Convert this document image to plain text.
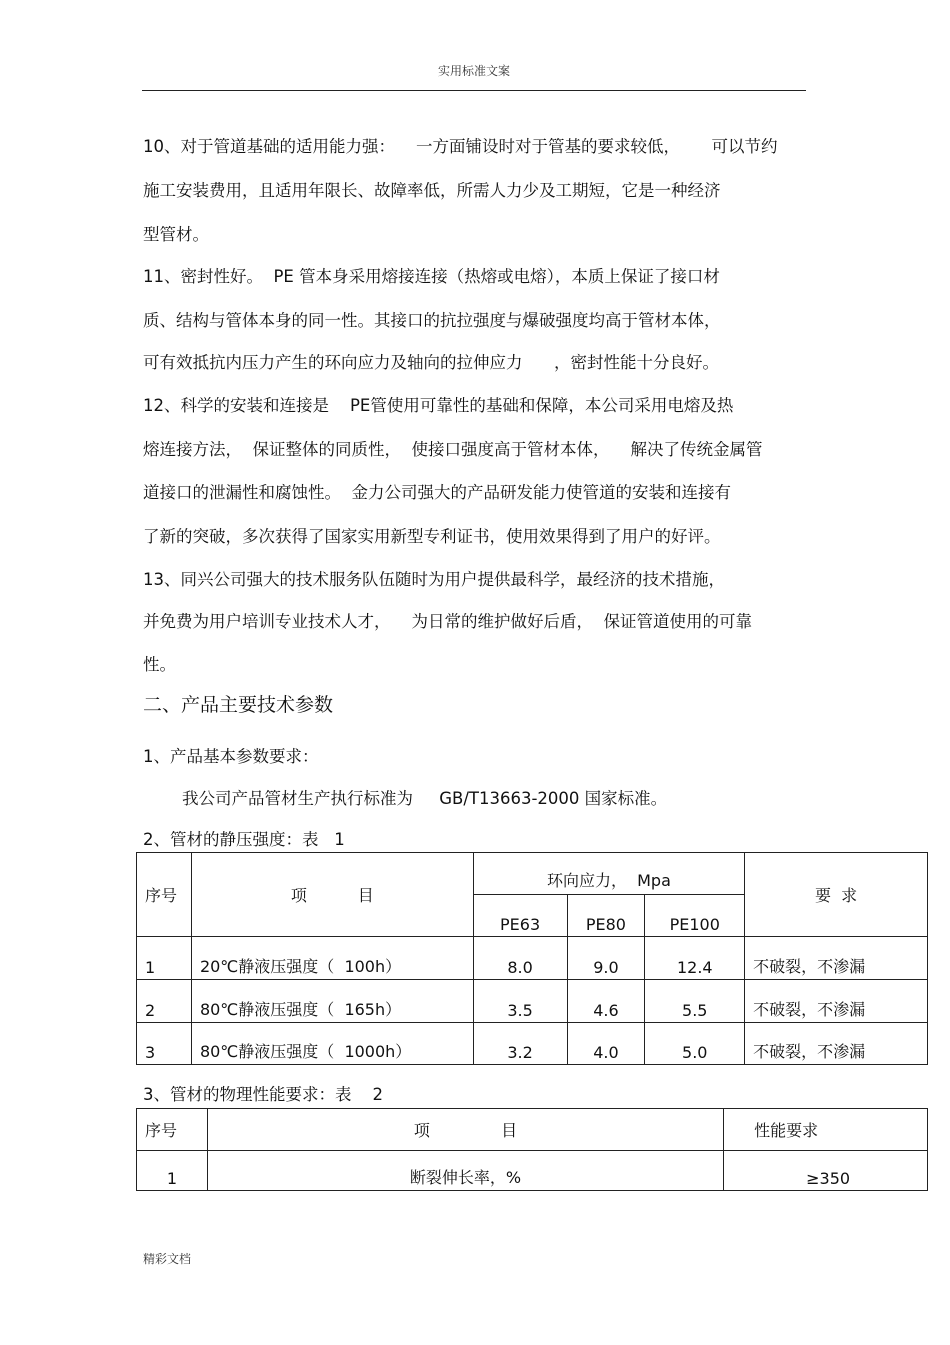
实用标准文案
10、对于管道基础的适用能力强：    一方面铺设时对于管基的要求较低，      可以节约
施工安装费用，且适用年限长、故障率低，所需人力少及工期短，它是一种经济
型管材。
11、密封性好。  PE 管本身采用熔接连接（热熔或电熔），本质上保证了接口材
质、结构与管体本身的同一性。其接口的抗拉强度与爆破强度均高于管材本体，
可有效抵抗内压力产生的环向应力及轴向的拉伸应力      ，密封性能十分良好。
12、科学的安装和连接是    PE管使用可靠性的基础和保障，本公司采用电熔及热
熔连接方法，  保证整体的同质性，  使接口强度高于管材本体，    解决了传统金属管
道接口的泄漏性和腐蚀性。  金力公司强大的产品研发能力使管道的安装和连接有
了新的突破，多次获得了国家实用新型专利证书，使用效果得到了用户的好评。
13、同兴公司强大的技术服务队伍随时为用户提供最科学，最经济的技术措施，
并免费为用户培训专业技术人才，    为日常的维护做好后盾，  保证管道使用的可靠
性。
二、产品主要技术参数
1、产品基本参数要求：
我公司产品管材生产执行标准为     GB/T13663-2000 国家标准。
2、管材的静压强度：表   1
序号	项          目	环向应力，  Mpa			要  求
		PE63	PE80	PE100	
1	20℃静液压强度（  100h）	8.0	9.0	12.4	不破裂，不渗漏
2	80℃静液压强度（  165h）	3.5	4.6	5.5	不破裂，不渗漏
3	80℃静液压强度（  1000h）	3.2	4.0	5.0	不破裂，不渗漏
3、管材的物理性能要求：表    2
序号	项              目	性能要求
1	断裂伸长率，%	≥350
精彩文档
